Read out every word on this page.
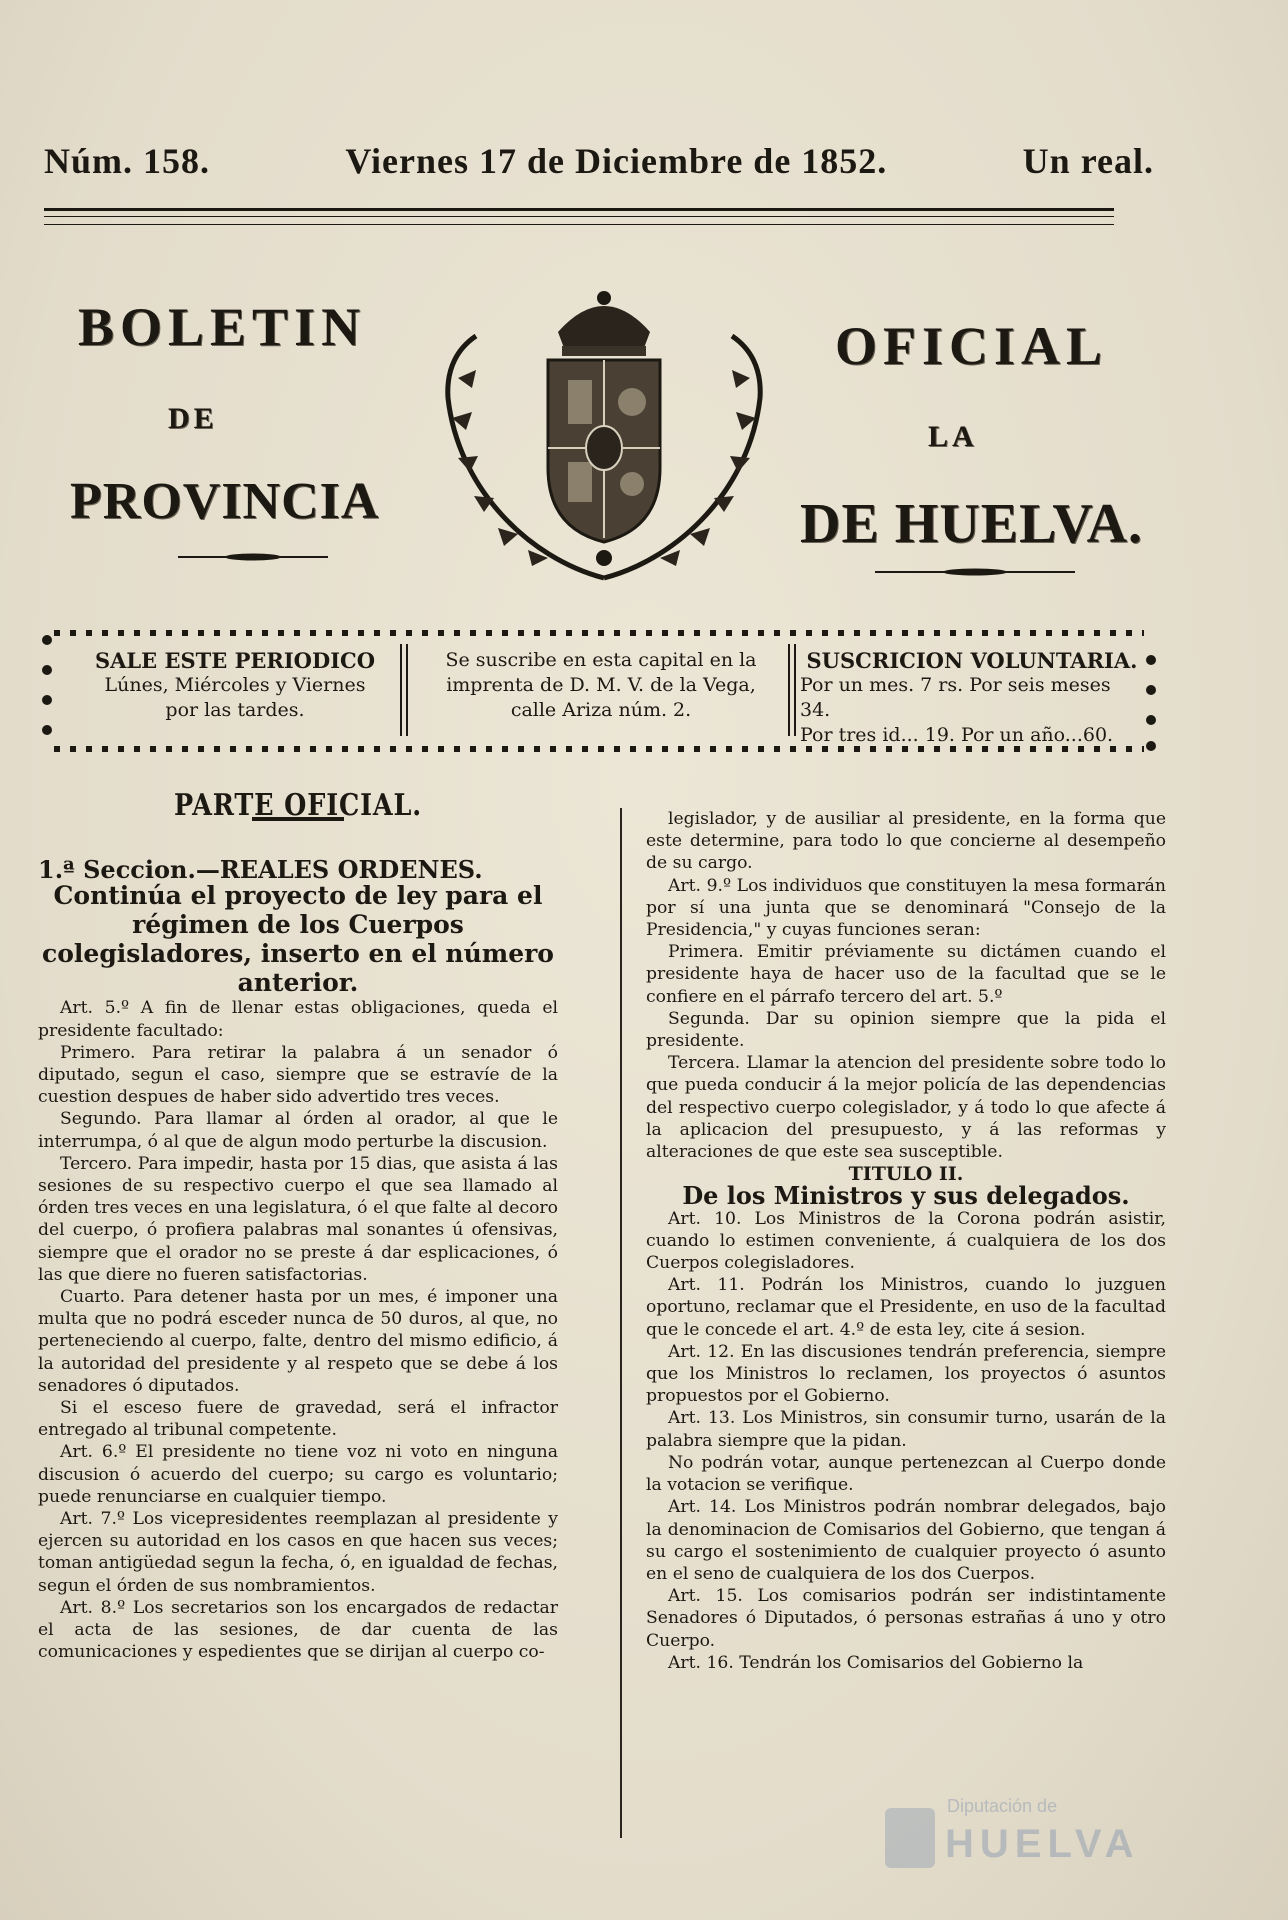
Núm. 158.	Viernes 17 de Diciembre de 1852.	Un real.
BOLETIN	OFICIAL
DE
LA
PROVINCIA	DE HUELVA.
SALE ESTE PERIODICO
Lúnes, Miércoles y Viernes
por las tardes.
Se suscribe en esta capital en la
imprenta de D. M. V. de la Vega,
calle Ariza núm. 2.
SUSCRICION VOLUNTARIA.
Por un mes. 7 rs. Por seis meses 34.
Por tres id... 19. Por un año...60.

PARTE OFICIAL.

1.ª Seccion.—REALES ORDENES.

Continúa el proyecto de ley para el régimen de los Cuerpos colegisladores, inserto en el número anterior.

Art. 5.º A fin de llenar estas obligaciones, queda el presidente facultado:

Primero. Para retirar la palabra á un senador ó diputado, segun el caso, siempre que se estravíe de la cuestion despues de haber sido advertido tres veces.

Segundo. Para llamar al órden al orador, al que le interrumpa, ó al que de algun modo perturbe la discusion.

Tercero. Para impedir, hasta por 15 dias, que asista á las sesiones de su respectivo cuerpo el que sea llamado al órden tres veces en una legislatura, ó el que falte al decoro del cuerpo, ó profiera palabras mal sonantes ú ofensivas, siempre que el orador no se preste á dar esplicaciones, ó las que diere no fueren satisfactorias.

Cuarto. Para detener hasta por un mes, é imponer una multa que no podrá esceder nunca de 50 duros, al que, no perteneciendo al cuerpo, falte, dentro del mismo edificio, á la autoridad del presidente y al respeto que se debe á los senadores ó diputados.

Si el esceso fuere de gravedad, será el infractor entregado al tribunal competente.

Art. 6.º El presidente no tiene voz ni voto en ninguna discusion ó acuerdo del cuerpo; su cargo es voluntario; puede renunciarse en cualquier tiempo.

Art. 7.º Los vicepresidentes reemplazan al presidente y ejercen su autoridad en los casos en que hacen sus veces; toman antigüedad segun la fecha, ó, en igualdad de fechas, segun el órden de sus nombramientos.

Art. 8.º Los secretarios son los encargados de redactar el acta de las sesiones, de dar cuenta de las comunicaciones y espedientes que se dirijan al cuerpo co-

legislador, y de ausiliar al presidente, en la forma que este determine, para todo lo que concierne al desempeño de su cargo.

Art. 9.º Los individuos que constituyen la mesa formarán por sí una junta que se denominará "Consejo de la Presidencia," y cuyas funciones seran:

Primera. Emitir préviamente su dictámen cuando el presidente haya de hacer uso de la facultad que se le confiere en el párrafo tercero del art. 5.º

Segunda. Dar su opinion siempre que la pida el presidente.

Tercera. Llamar la atencion del presidente sobre todo lo que pueda conducir á la mejor policía de las dependencias del respectivo cuerpo colegislador, y á todo lo que afecte á la aplicacion del presupuesto, y á las reformas y alteraciones de que este sea susceptible.

TITULO II.

De los Ministros y sus delegados.

Art. 10. Los Ministros de la Corona podrán asistir, cuando lo estimen conveniente, á cualquiera de los dos Cuerpos colegisladores.

Art. 11. Podrán los Ministros, cuando lo juzguen oportuno, reclamar que el Presidente, en uso de la facultad que le concede el art. 4.º de esta ley, cite á sesion.

Art. 12. En las discusiones tendrán preferencia, siempre que los Ministros lo reclamen, los proyectos ó asuntos propuestos por el Gobierno.

Art. 13. Los Ministros, sin consumir turno, usarán de la palabra siempre que la pidan.

No podrán votar, aunque pertenezcan al Cuerpo donde la votacion se verifique.

Art. 14. Los Ministros podrán nombrar delegados, bajo la denominacion de Comisarios del Gobierno, que tengan á su cargo el sostenimiento de cualquier proyecto ó asunto en el seno de cualquiera de los dos Cuerpos.

Art. 15. Los comisarios podrán ser indistintamente Senadores ó Diputados, ó personas estrañas á uno y otro Cuerpo.

Art. 16. Tendrán los Comisarios del Gobierno la

Diputación de
HUELVA
